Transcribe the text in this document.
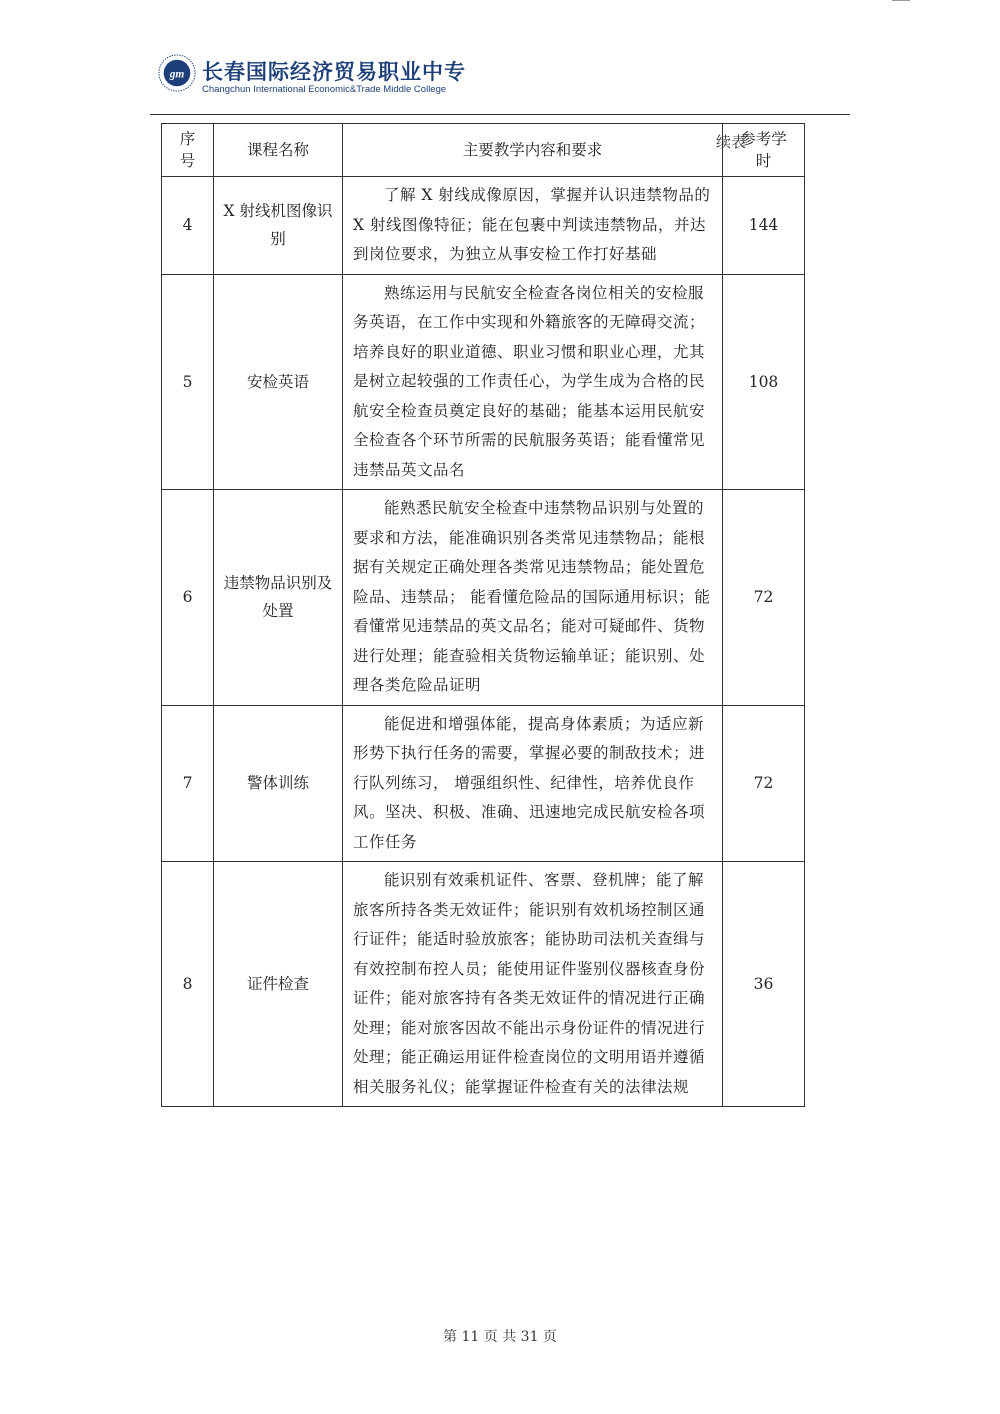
gm 长春国际经济贸易职业中专
Changchun International Economic&Trade Middle College
序号	课程名称	主要教学内容和要求	参考学时
4	X 射线机图像识别	了解 X 射线成像原因，掌握并认识违禁物品的 X 射线图像特征；能在包裹中判读违禁物品，并达到岗位要求，为独立从事安检工作打好基础	144
5	安检英语	熟练运用与民航安全检查各岗位相关的安检服务英语，在工作中实现和外籍旅客的无障碍交流；培养良好的职业道德、职业习惯和职业心理，尤其是树立起较强的工作责任心，为学生成为合格的民航安全检查员奠定良好的基础；能基本运用民航安全检查各个环节所需的民航服务英语；能看懂常见违禁品英文品名	108
6	违禁物品识别及处置	能熟悉民航安全检查中违禁物品识别与处置的要求和方法，能准确识别各类常见违禁物品；能根据有关规定正确处理各类常见违禁物品；能处置危险品、违禁品； 能看懂危险品的国际通用标识；能看懂常见违禁品的英文品名；能对可疑邮件、货物进行处理；能查验相关货物运输单证；能识别、处理各类危险品证明	72
7	警体训练	能促进和增强体能，提高身体素质；为适应新形势下执行任务的需要，掌握必要的制敌技术；进行队列练习， 增强组织性、纪律性，培养优良作风。坚决、积极、准确、迅速地完成民航安检各项工作任务	72
8	证件检查	能识别有效乘机证件、客票、登机牌；能了解旅客所持各类无效证件；能识别有效机场控制区通行证件；能适时验放旅客；能协助司法机关查缉与有效控制布控人员；能使用证件鉴别仪器核查身份证件；能对旅客持有各类无效证件的情况进行正确处理；能对旅客因故不能出示身份证件的情况进行处理；能正确运用证件检查岗位的文明用语并遵循相关服务礼仪；能掌握证件检查有关的法律法规	36
续表
第 11 页 共 31 页
